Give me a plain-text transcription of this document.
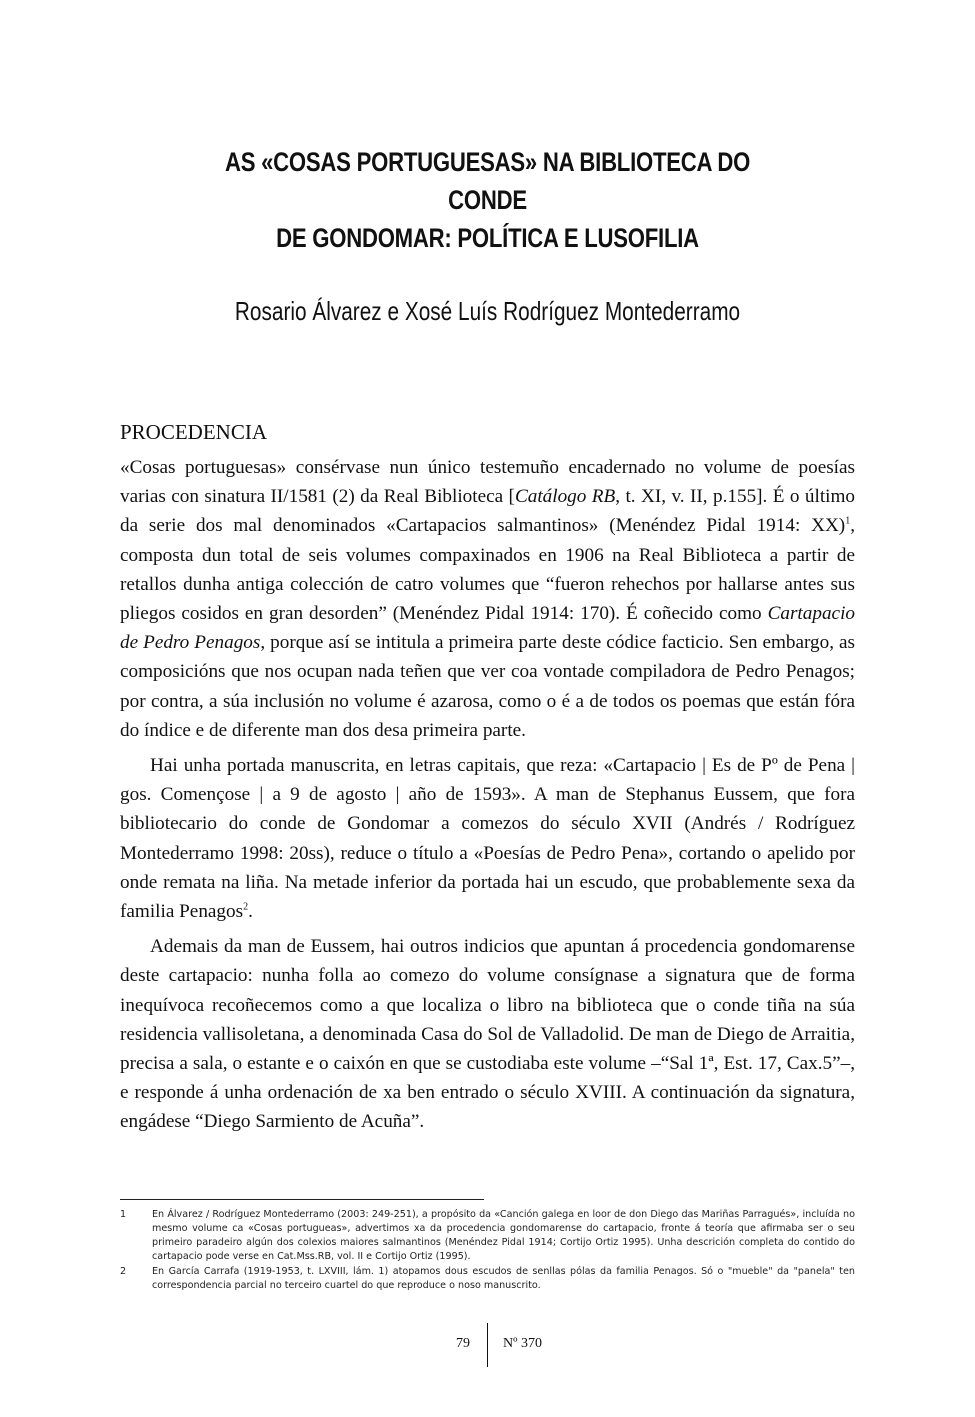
AS «COSAS PORTUGUESAS» NA BIBLIOTECA DO CONDE
DE GONDOMAR: POLÍTICA E LUSOFILIA
Rosario Álvarez e Xosé Luís Rodríguez Montederramo
PROCEDENCIA

«Cosas portuguesas» consérvase nun único testemuño encadernado no volume de poesías varias con sinatura II/1581 (2) da Real Biblioteca [Catálogo RB, t. XI, v. II, p.155]. É o último da serie dos mal denominados «Cartapacios salmantinos» (Menéndez Pidal 1914: XX)$^1$, composta dun total de seis volumes compaxinados en 1906 na Real Biblioteca a partir de retallos dunha antiga colección de catro volumes que “fueron rehechos por hallarse antes sus pliegos cosidos en gran desorden” (Menéndez Pidal 1914: 170). É coñecido como Cartapacio de Pedro Penagos, porque así se intitula a primeira parte deste códice facticio. Sen embargo, as composicións que nos ocupan nada teñen que ver coa vontade compiladora de Pedro Penagos; por contra, a súa inclusión no volume é azarosa, como o é a de todos os poemas que están fóra do índice e de diferente man dos desa primeira parte.

Hai unha portada manuscrita, en letras capitais, que reza: «Cartapacio | Es de Pº de Pena | gos. Començose | a 9 de agosto | año de 1593». A man de Stephanus Eussem, que fora bibliotecario do conde de Gondomar a comezos do século XVII (Andrés / Rodríguez Montederramo 1998: 20ss), reduce o título a «Poesías de Pedro Pena», cortando o apelido por onde remata na liña. Na metade inferior da portada hai un escudo, que probablemente sexa da familia Penagos$^2$.

Ademais da man de Eussem, hai outros indicios que apuntan á procedencia gondomarense deste cartapacio: nunha folla ao comezo do volume consígnase a signatura que de forma inequívoca recoñecemos como a que localiza o libro na biblioteca que o conde tiña na súa residencia vallisoletana, a denominada Casa do Sol de Valladolid. De man de Diego de Arraitia, precisa a sala, o estante e o caixón en que se custodiaba este volume –“Sal 1ª, Est. 17, Cax.5”–, e responde á unha ordenación de xa ben entrado o século XVIII. A continuación da signatura, engádese “Diego Sarmiento de Acuña”.

1	En Álvarez / Rodríguez Montederramo (2003: 249-251), a propósito da «Canción galega en loor de don Diego das Mariñas Parragués», incluída no mesmo volume ca «Cosas portugueas», advertimos xa da procedencia gondomarense do cartapacio, fronte á teoría que afirmaba ser o seu primeiro paradeiro algún dos colexios maiores salmantinos (Menéndez Pidal 1914; Cortijo Ortiz 1995). Unha descrición completa do contido do cartapacio pode verse en Cat.Mss.RB, vol. II e Cortijo Ortiz (1995).
2	En García Carrafa (1919-1953, t. LXVIII, lám. 1) atopamos dous escudos de senllas pólas da familia Penagos. Só o "mueble" da "panela" ten correspondencia parcial no terceiro cuartel do que reproduce o noso manuscrito.
79 Nº 370
